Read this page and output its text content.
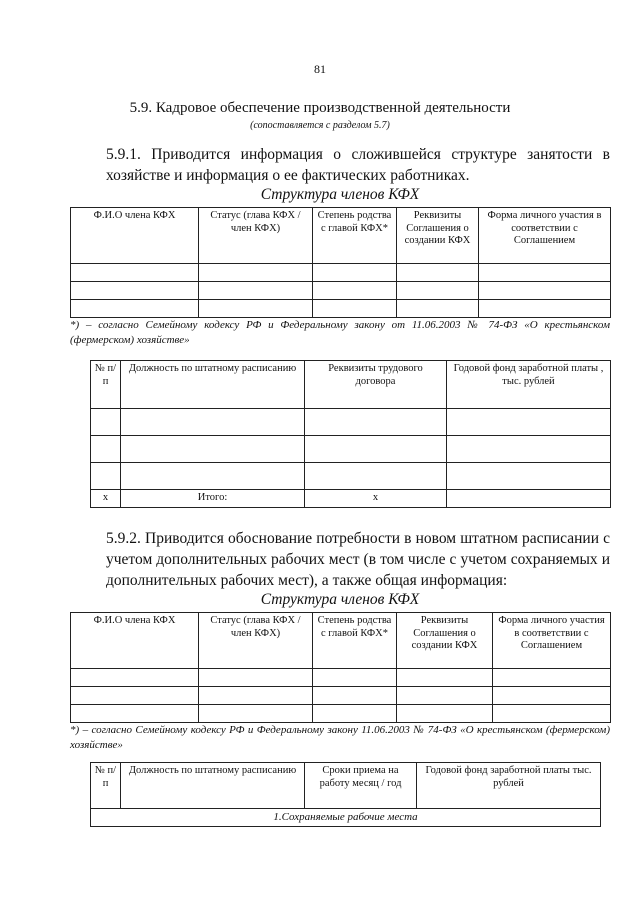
81
5.9. Кадровое обеспечение производственной деятельности
(сопоставляется с разделом 5.7)
5.9.1. Приводится информация о сложившейся структуре занятости в хозяйстве и информация о ее фактических работниках.
Структура членов КФХ
Ф.И.О члена КФХ	Статус (глава КФХ / член КФХ)	Степень родства с главой КФХ*	Реквизиты Соглашения о создании КФХ	Форма личного участия в соответствии с Соглашением

*) – согласно Семейному кодексу РФ и Федеральному закону от 11.06.2003 № 74-ФЗ «О крестьянском (фермерском) хозяйстве»
№ п/п	Должность по штатному расписанию	Реквизиты трудового договора	Годовой фонд заработной платы , тыс. рублей

х	Итого:	х	
5.9.2. Приводится обоснование потребности в новом штатном расписании с учетом дополнительных рабочих мест (в том числе с учетом сохраняемых и дополнительных рабочих мест), а также общая информация:
Структура членов КФХ
Ф.И.О члена КФХ	Статус (глава КФХ / член КФХ)	Степень родства с главой КФХ*	Реквизиты Соглашения о создании КФХ	Форма личного участия в соответствии с Соглашением

*) – согласно Семейному кодексу РФ и Федеральному закону 11.06.2003 № 74-ФЗ «О крестьянском (фермерском) хозяйстве»
№ п/п	Должность по штатному расписанию	Сроки приема на работу месяц / год	Годовой фонд заработной платы тыс. рублей
1.Сохраняемые рабочие места
